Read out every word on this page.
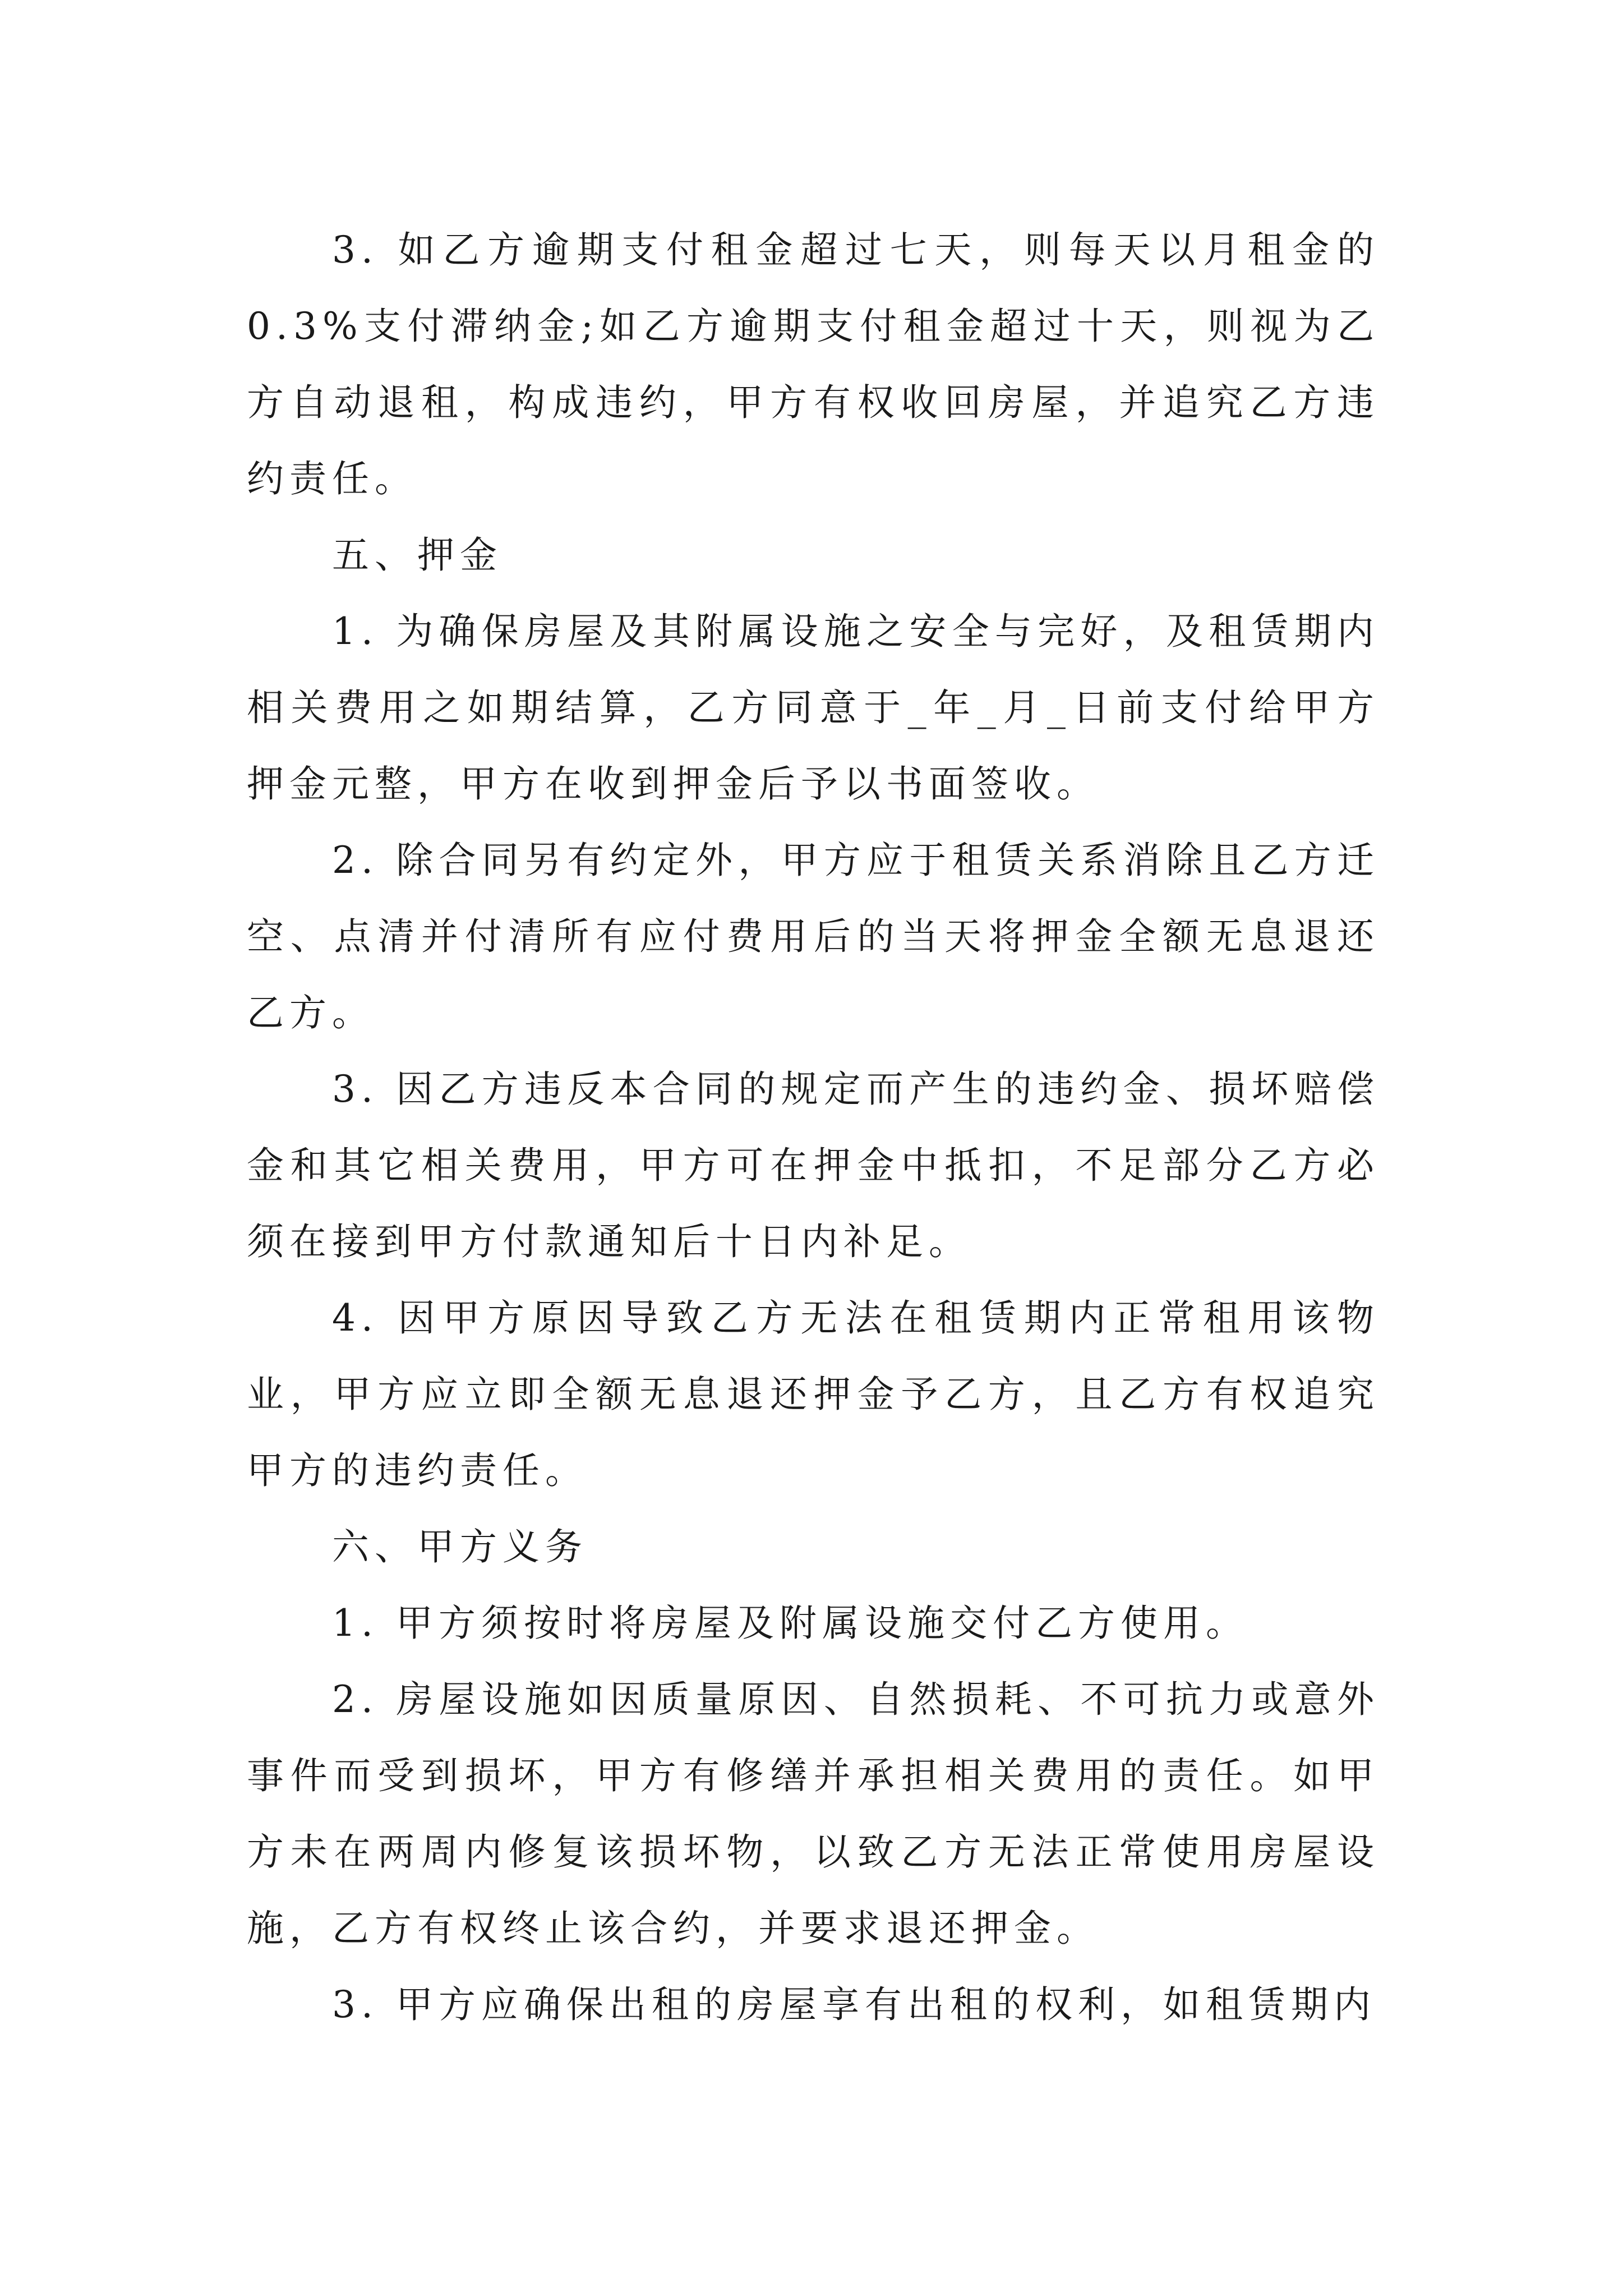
3. 如乙方逾期支付租金超过七天，则每天以月租金的0.3%支付滞纳金;如乙方逾期支付租金超过十天，则视为乙方自动退租，构成违约，甲方有权收回房屋，并追究乙方违约责任。

五、押金

1. 为确保房屋及其附属设施之安全与完好，及租赁期内相关费用之如期结算，乙方同意于_年_月_日前支付给甲方押金元整，甲方在收到押金后予以书面签收。

2. 除合同另有约定外，甲方应于租赁关系消除且乙方迁空、点清并付清所有应付费用后的当天将押金全额无息退还乙方。

3. 因乙方违反本合同的规定而产生的违约金、损坏赔偿金和其它相关费用，甲方可在押金中抵扣，不足部分乙方必须在接到甲方付款通知后十日内补足。

4. 因甲方原因导致乙方无法在租赁期内正常租用该物业，甲方应立即全额无息退还押金予乙方，且乙方有权追究甲方的违约责任。

六、甲方义务

1. 甲方须按时将房屋及附属设施交付乙方使用。

2. 房屋设施如因质量原因、自然损耗、不可抗力或意外事件而受到损坏，甲方有修缮并承担相关费用的责任。如甲方未在两周内修复该损坏物，以致乙方无法正常使用房屋设施，乙方有权终止该合约，并要求退还押金。

3. 甲方应确保出租的房屋享有出租的权利，如租赁期内
